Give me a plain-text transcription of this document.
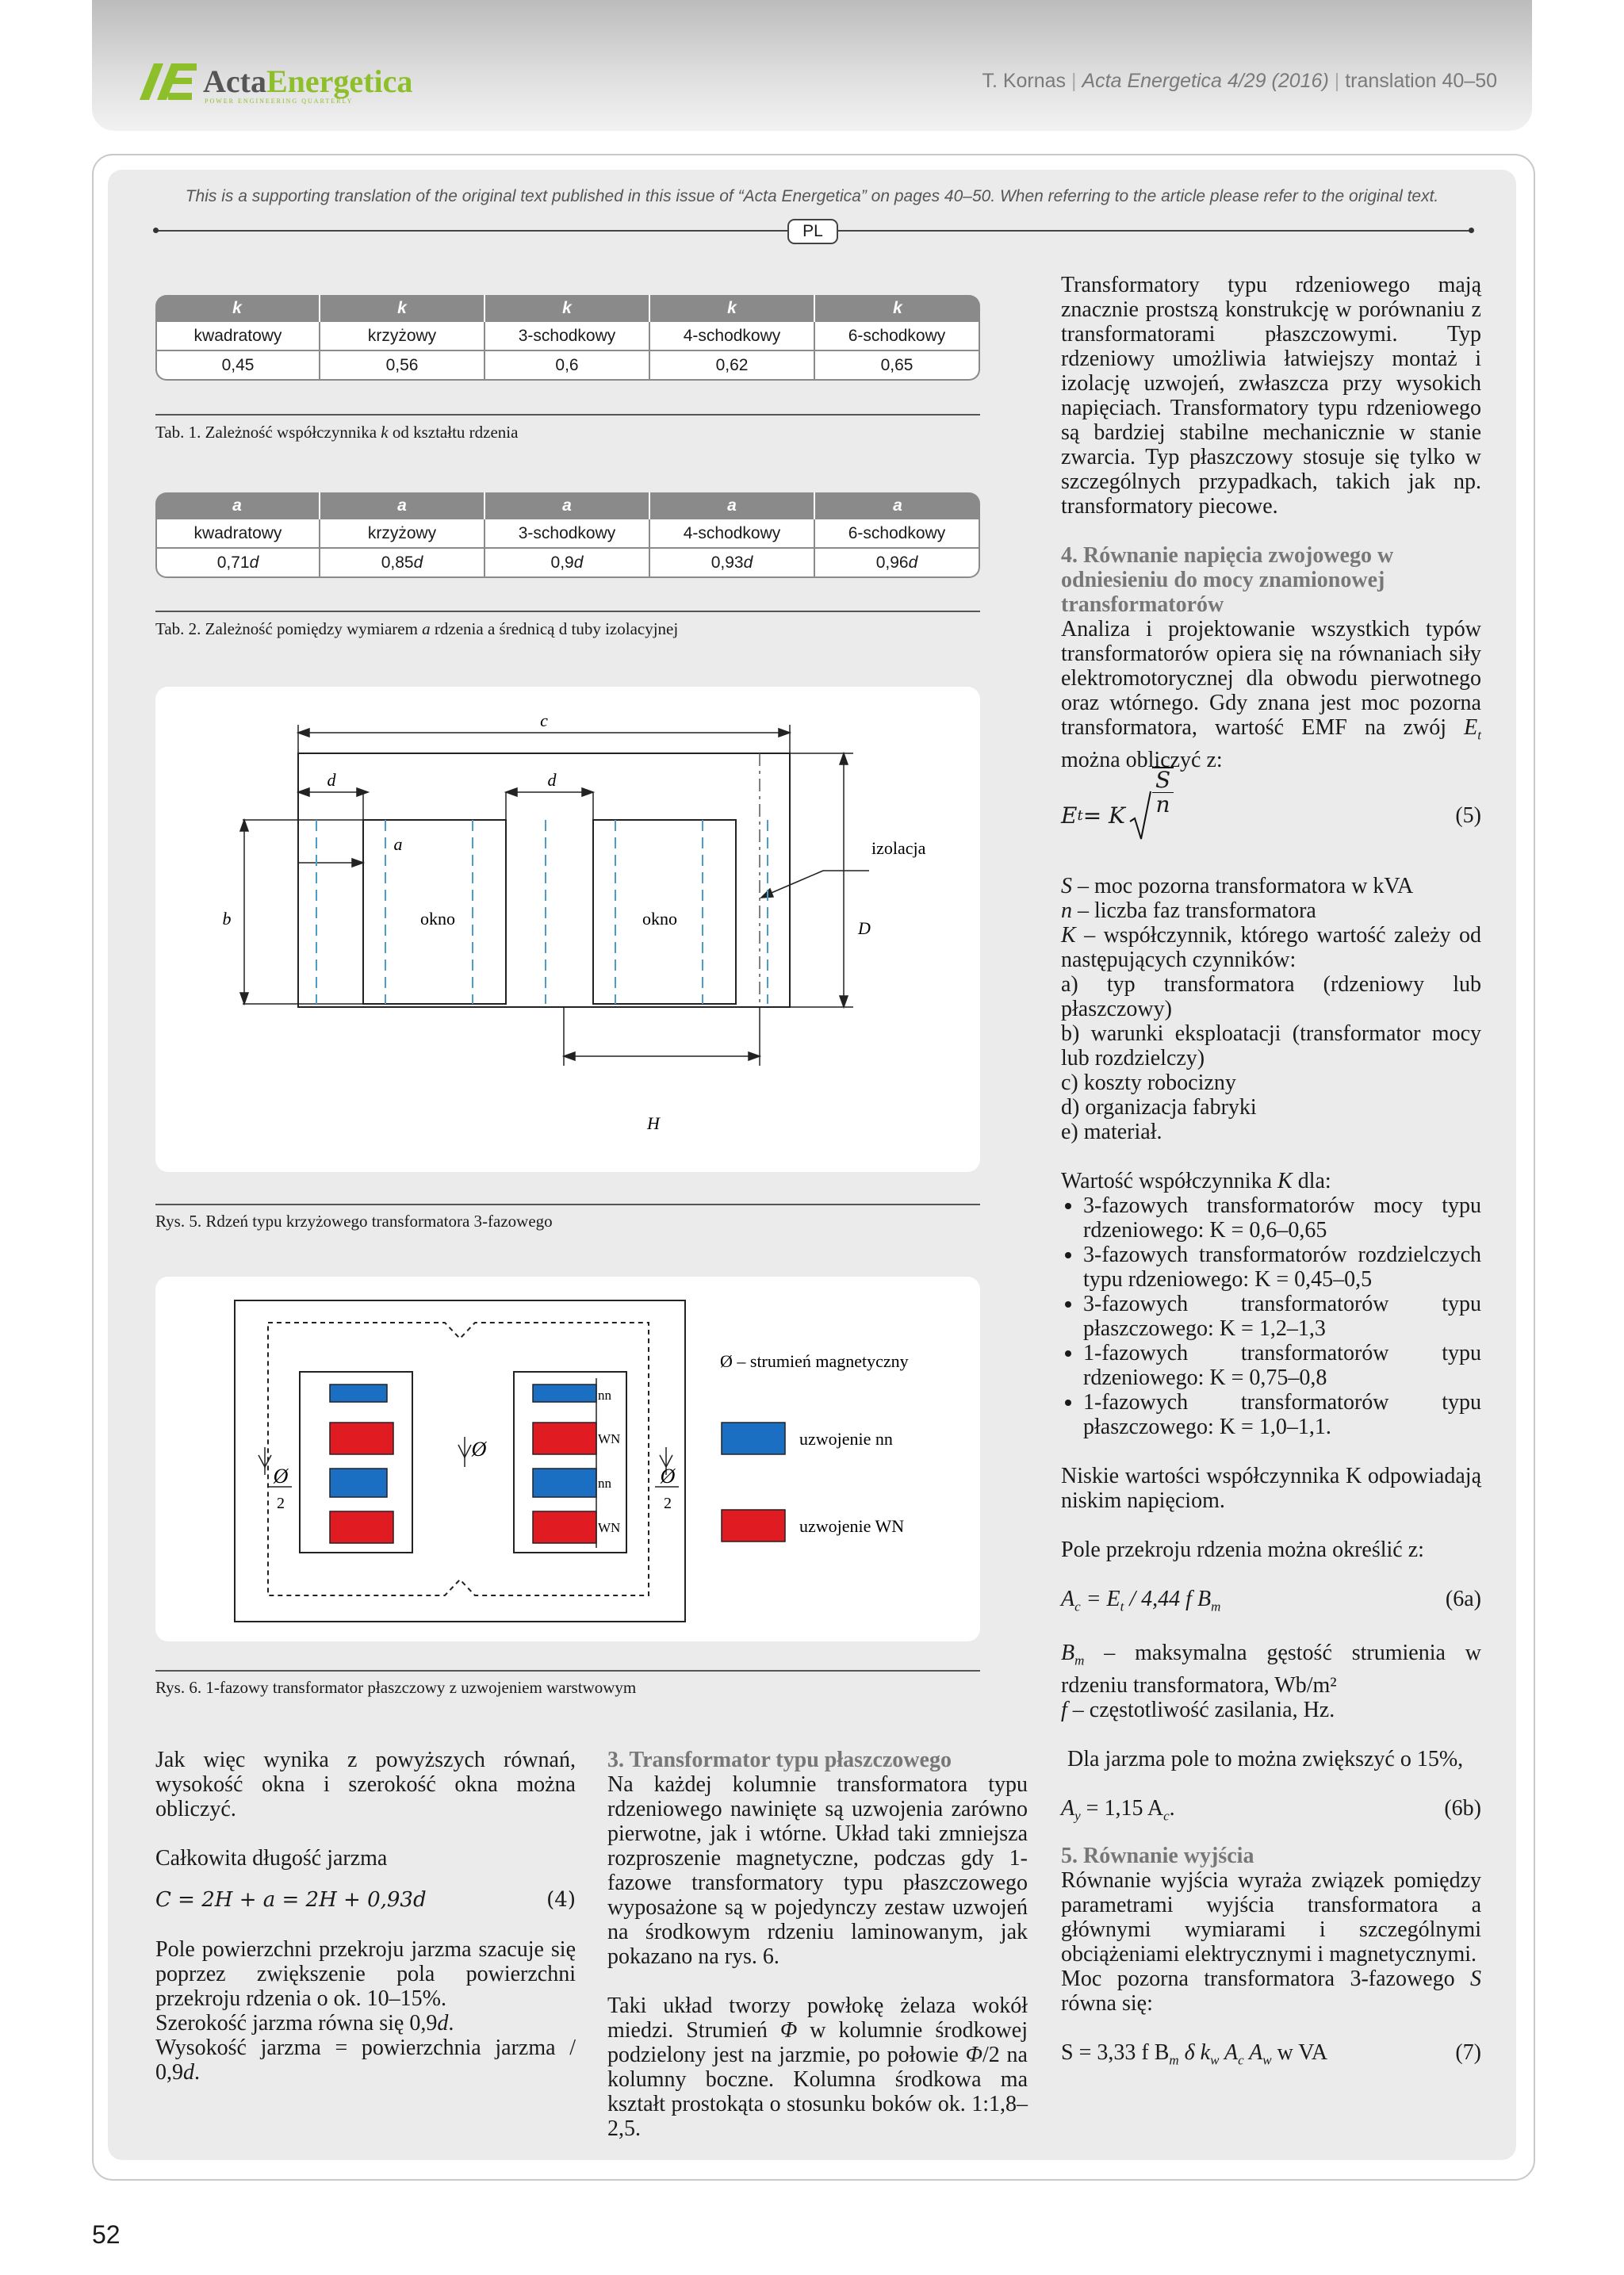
Acta Energetica
POWER ENGINEERING QUARTERLY
T. Kornas | Acta Energetica 4/29 (2016) | translation 40–50
This is a supporting translation of the original text published in this issue of “Acta Energetica” on pages 40–50. When referring to the article please refer to the original text.
PL
k	k	k	k	k
kwadratowy	krzyżowy	3-schodkowy	4-schodkowy	6-schodkowy
0,45	0,56	0,6	0,62	0,65
Tab. 1. Zależność współczynnika k od kształtu rdzenia
a	a	a	a	a
kwadratowy	krzyżowy	3-schodkowy	4-schodkowy	6-schodkowy
0,71d	0,85d	0,9d	0,93d	0,96d
Tab. 2. Zależność pomiędzy wymiarem a rdzenia a średnicą d tuby izolacyjnej
c
d	d
a
b	D
H
okno	okno
izolacja
Rys. 5. Rdzeń typu krzyżowego transformatora 3-fazowego
Ø
2
Ø
Ø
2
nn
WN
nn
WN
Ø – strumień magnetyczny
uzwojenie nn
uzwojenie WN
Rys. 6. 1-fazowy transformator płaszczowy z uzwojeniem warstwowym

Jak więc wynika z powyższych równań, wysokość okna i szerokość okna można obliczyć.

Całkowita długość jarzma

C = 2H + a = 2H + 0,93d	(4)

Pole powierzchni przekroju jarzma szacuje się poprzez zwiększenie pola powierzchni przekroju rdzenia o ok. 10–15%.

Szerokość jarzma równa się 0,9d.

Wysokość jarzma = powierzchnia jarzma / 0,9d.

3. Transformator typu płaszczowego

Na każdej kolumnie transformatora typu rdzeniowego nawinięte są uzwojenia zarówno pierwotne, jak i wtórne. Układ taki zmniejsza rozproszenie magnetyczne, podczas gdy 1-fazowe transformatory typu płaszczowego wyposażone są w pojedynczy zestaw uzwojeń na środkowym rdzeniu laminowanym, jak pokazano na rys. 6.

Taki układ tworzy powłokę żelaza wokół miedzi. Strumień Φ w kolumnie środkowej podzielony jest na jarzmie, po połowie Φ/2 na kolumny boczne. Kolumna środkowa ma kształt prostokąta o stosunku boków ok. 1:1,8–2,5.

Transformatory typu rdzeniowego mają znacznie prostszą konstrukcję w porównaniu z transformatorami płaszczowymi. Typ rdzeniowy umożliwia łatwiejszy montaż i izolację uzwojeń, zwłaszcza przy wysokich napięciach. Transformatory typu rdzeniowego są bardziej stabilne mechanicznie w stanie zwarcia. Typ płaszczowy stosuje się tylko w szczególnych przypadkach, takich jak np. transformatory piecowe.

4. Równanie napięcia zwojowego w odniesieniu do mocy znamionowej transformatorów

Analiza i projektowanie wszystkich typów transformatorów opiera się na równaniach siły elektromotorycznej dla obwodu pierwotnego oraz wtórnego. Gdy znana jest moc pozorna transformatora, wartość EMF na zwój $E_t$ można obliczyć z:

E t = K
S
n	(5)

S – moc pozorna transformatora w kVA

n – liczba faz transformatora

K – współczynnik, którego wartość zależy od następujących czynników:

a) typ transformatora (rdzeniowy lub płaszczowy)
b) warunki eksploatacji (transformator mocy lub rozdzielczy)
c) koszty robocizny
d) organizacja fabryki
e) materiał.

Wartość współczynnika K dla:

• 3-fazowych transformatorów mocy typu rdzeniowego: K = 0,6–0,65
• 3-fazowych transformatorów rozdzielczych typu rdzeniowego: K = 0,45–0,5
• 3-fazowych transformatorów typu płaszczowego: K = 1,2–1,3
• 1-fazowych transformatorów typu rdzeniowego: K = 0,75–0,8
• 1-fazowych transformatorów typu płaszczowego: K = 1,0–1,1.

Niskie wartości współczynnika K odpowiadają niskim napięciom.

Pole przekroju rdzenia można określić z:

$A_c = E_t / 4,44$ f $B_m$	(6a)

$B_m$ – maksymalna gęstość strumienia w rdzeniu transformatora, Wb/m²

f – częstotliwość zasilania, Hz.

Dla jarzma pole to można zwiększyć o 15%,

$A_y = 1,15$ $A_c$.	(6b)

5. Równanie wyjścia

Równanie wyjścia wyraża związek pomiędzy parametrami wyjścia transformatora a głównymi wymiarami i szczególnymi obciążeniami elektrycznymi i magnetycznymi.

Moc pozorna transformatora 3-fazowego S równa się:

S = 3,33 f $B_m$ δ $k_w$ $A_c$ $A_w$ w VA	(7)
52
